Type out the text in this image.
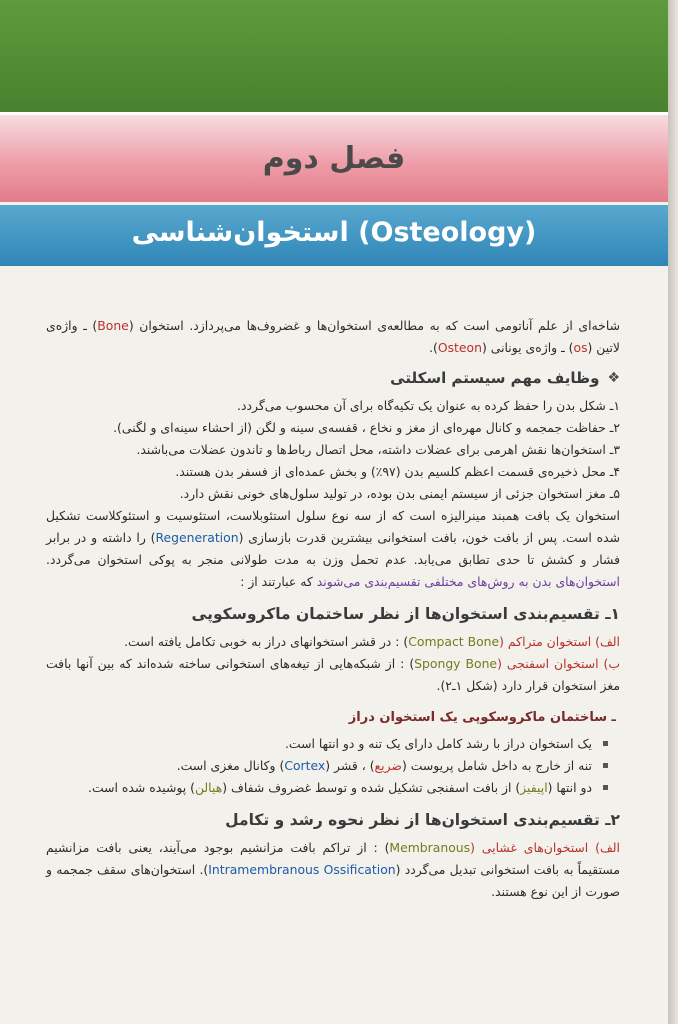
فصل دوم
استخوان‌شناسی (Osteology)

شاخه‌ای از علم آناتومی است که به مطالعه‌ی استخوان‌ها و غضروف‌ها می‌پردازد. استخوان (Bone) ـ واژه‌ی لاتین (os) ـ واژه‌ی یونانی (Osteon).

❖
وظایف مهم سیستم اسکلتی

۱ـ شکل بدن را حفظ کرده به عنوان یک تکیه‌گاه برای آن محسوب می‌گردد.

۲ـ حفاظت جمجمه و کانال مهره‌ای از مغز و نخاع ، قفسه‌ی سینه و لگن (از احشاء سینه‌ای و لگنی).

۳ـ استخوان‌ها نقش اهرمی برای عضلات داشته، محل اتصال رباط‌ها و تاندون عضلات می‌باشند.

۴ـ محل ذخیره‌ی قسمت اعظم کلسیم بدن (۹۷٪) و بخش عمده‌ای از فسفر بدن هستند.

۵ـ مغز استخوان جزئی از سیستم ایمنی بدن بوده، در تولید سلول‌های خونی نقش دارد.

استخوان یک بافت همبند مینرالیزه است که از سه نوع سلول استئوبلاست، استئوسیت و استئوکلاست تشکیل شده است. پس از بافت خون، بافت استخوانی بیشترین قدرت بازسازی (Regeneration) را داشته و در برابر فشار و کشش تا حدی تطابق می‌یابد. عدم تحمل وزن به مدت طولانی منجر به پوکی استخوان می‌گردد. استخوان‌های بدن به روش‌های مختلفی تقسیم‌بندی می‌شوند که عبارتند از :

۱ـ تقسیم‌بندی استخوان‌ها از نظر ساختمان ماکروسکوپی

الف) استخوان متراکم (Compact Bone) : در قشر استخوانهای دراز به خوبی تکامل یافته است.

ب) استخوان اسفنجی (Spongy Bone) : از شبکه‌هایی از تیغه‌های استخوانی ساخته شده‌اند که بین آنها بافت مغز استخوان قرار دارد (شکل ۱ـ۲).

ـ ساختمان ماکروسکوپی یک استخوان دراز
یک استخوان دراز با رشد کامل دارای یک تنه و دو انتها است.
تنه از خارج به داخل شامل پریوست (ضریع) ، قشر (Cortex) وکانال مغزی است.
دو انتها (اپیفیز) از بافت اسفنجی تشکیل شده و توسط غضروف شفاف (هیالن) پوشیده شده است.
۲ـ تقسیم‌بندی استخوان‌ها از نظر نحوه رشد و تکامل

الف) استخوان‌های غشایی (Membranous) : از تراکم بافت مزانشیم بوجود می‌آیند، یعنی بافت مزانشیم مستقیماً به بافت استخوانی تبدیل می‌گردد (Intramembranous Ossification). استخوان‌های سقف جمجمه و صورت از این نوع هستند.
